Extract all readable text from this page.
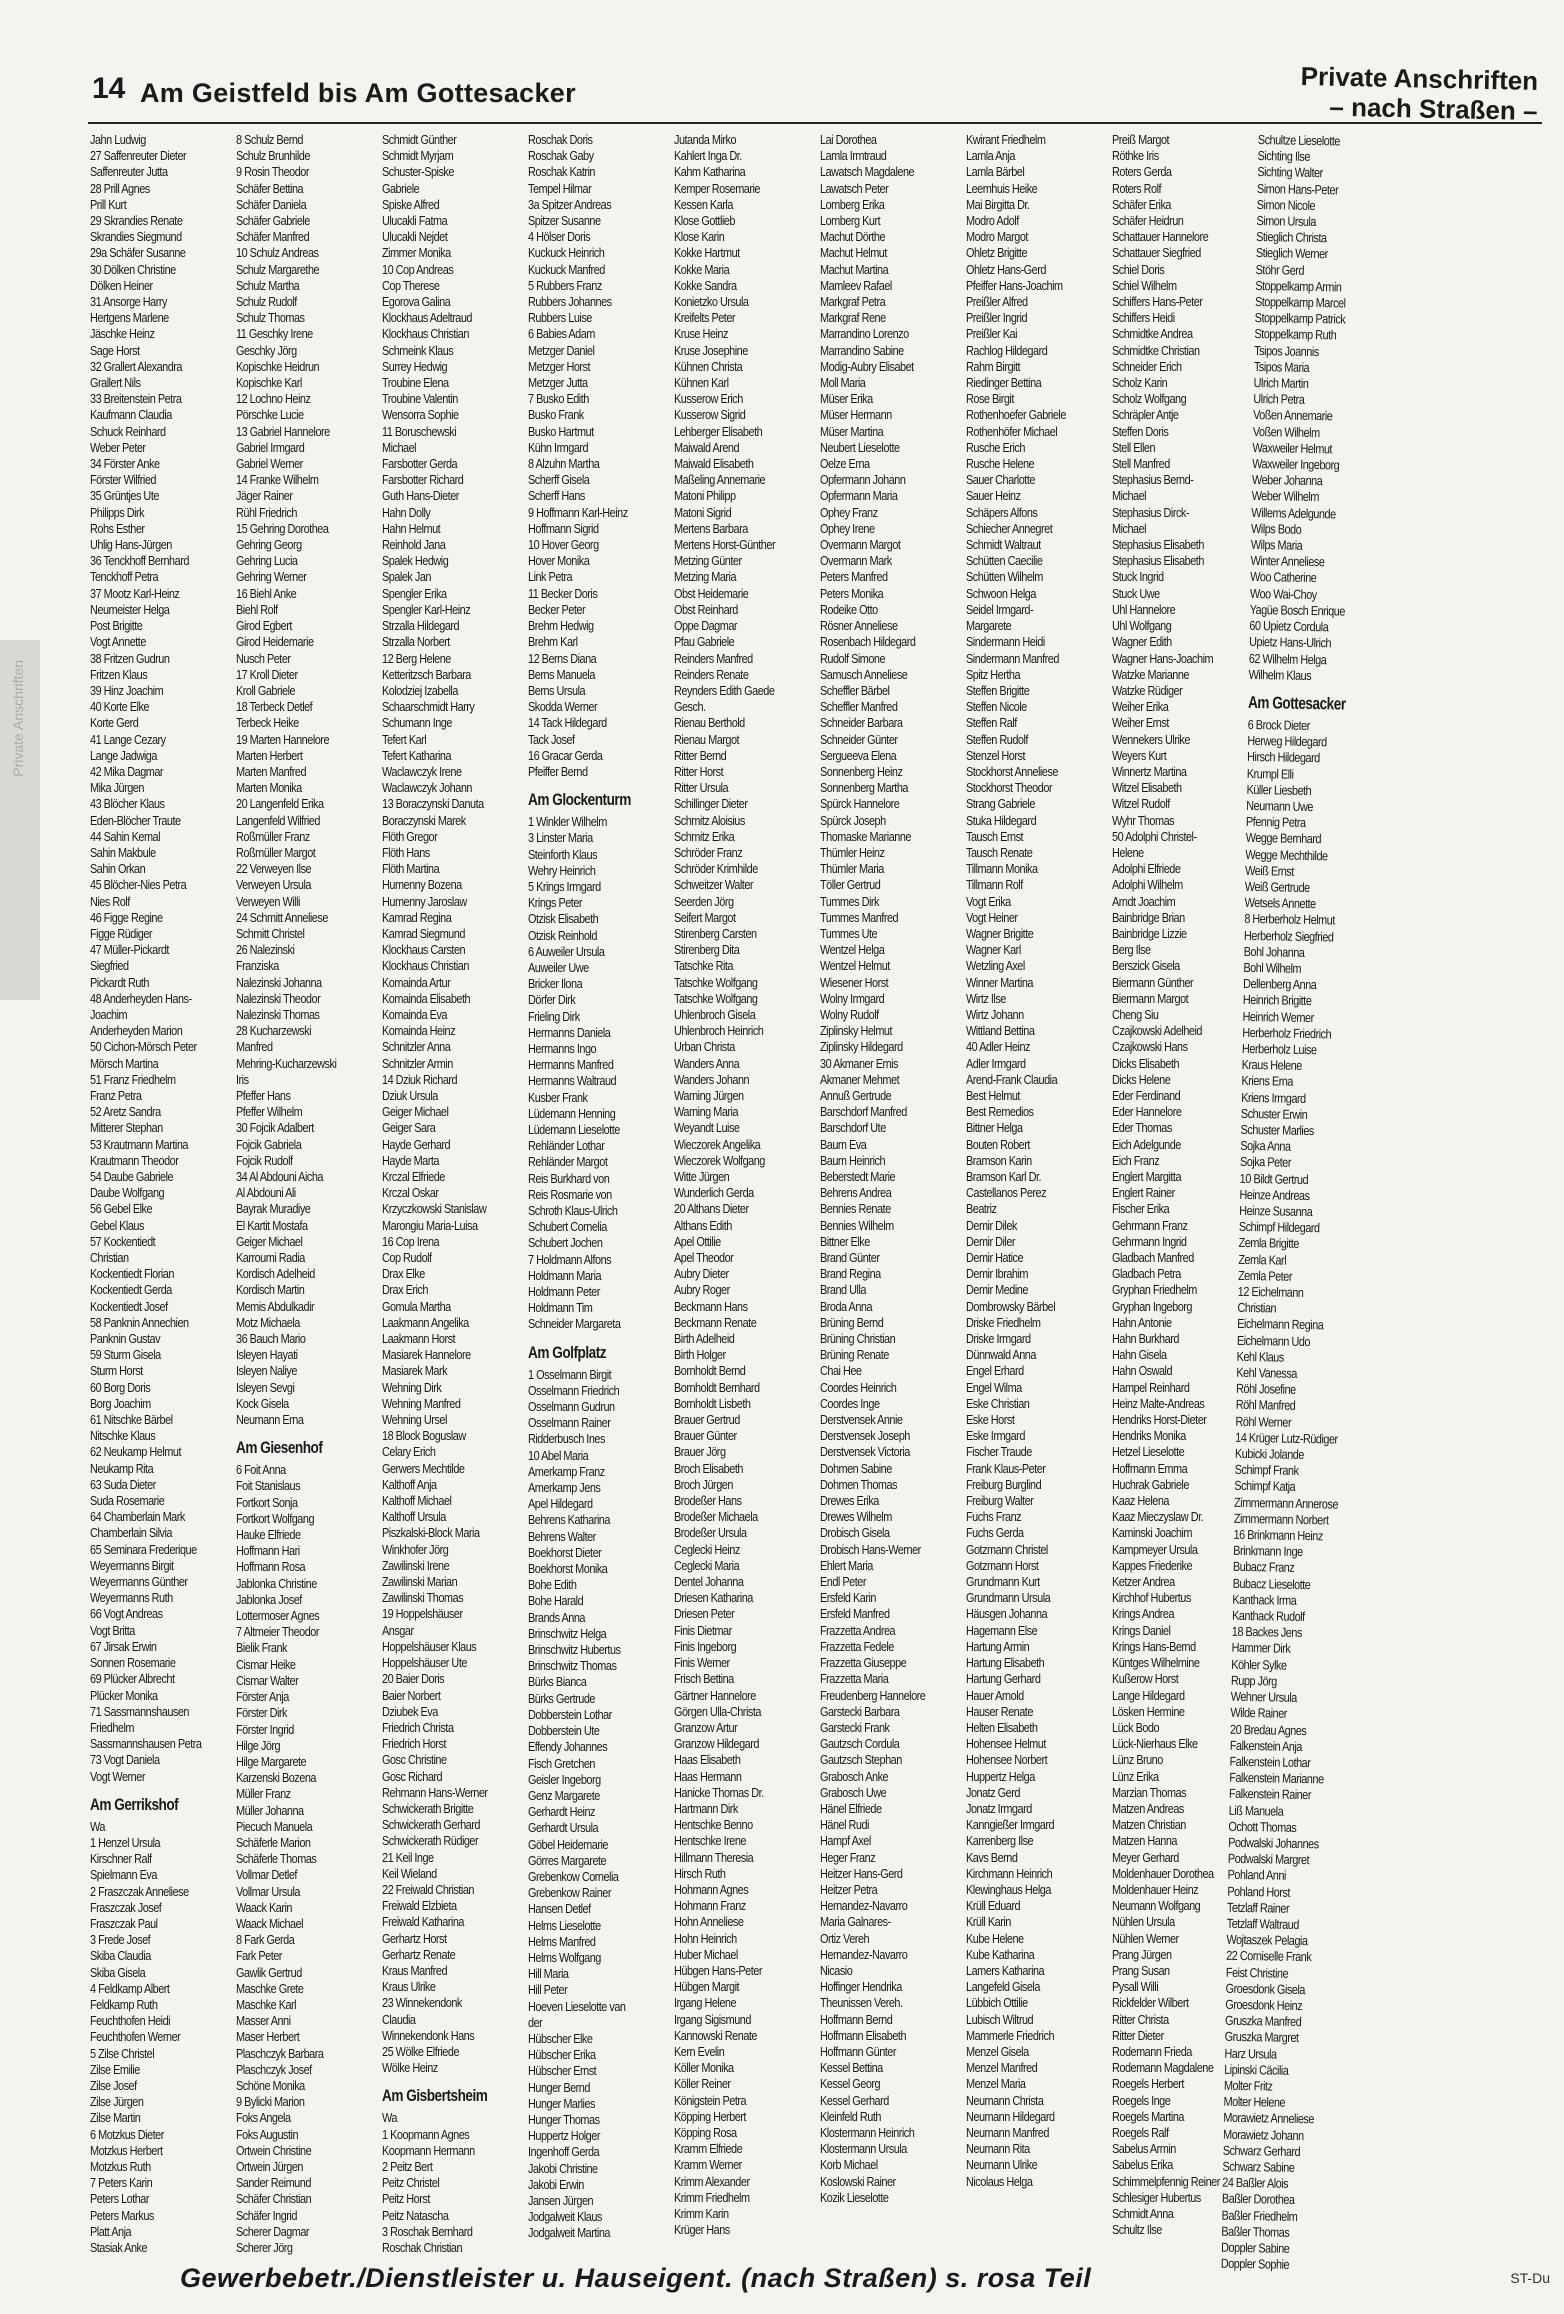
Private Anschriften
14 Am Geistfeld bis Am Gottesacker	Private Anschriften
– nach Straßen –
Jahn Ludwig
27 Saffenreuter Dieter
Saffenreuter Jutta
28 Prill Agnes
Prill Kurt
29 Skrandies Renate
Skrandies Siegmund
29a Schäfer Susanne
30 Dölken Christine
Dölken Heiner
31 Ansorge Harry
Hertgens Marlene
Jäschke Heinz
Sage Horst
32 Grallert Alexandra
Grallert Nils
33 Breitenstein Petra
Kaufmann Claudia
Schuck Reinhard
Weber Peter
34 Förster Anke
Förster Wilfried
35 Grüntjes Ute
Philipps Dirk
Rohs Esther
Uhlig Hans-Jürgen
36 Tenckhoff Bernhard
Tenckhoff Petra
37 Mootz Karl-Heinz
Neumeister Helga
Post Brigitte
Vogt Annette
38 Fritzen Gudrun
Fritzen Klaus
39 Hinz Joachim
40 Korte Elke
Korte Gerd
41 Lange Cezary
Lange Jadwiga
42 Mika Dagmar
Mika Jürgen
43 Blöcher Klaus
Eden-Blöcher Traute
44 Sahin Kemal
Sahin Makbule
Sahin Orkan
45 Blöcher-Nies Petra
Nies Rolf
46 Figge Regine
Figge Rüdiger
47 Müller-Pickardt
Siegfried
Pickardt Ruth
48 Anderheyden Hans-
Joachim
Anderheyden Marion
50 Cichon-Mörsch Peter
Mörsch Martina
51 Franz Friedhelm
Franz Petra
52 Aretz Sandra
Mitterer Stephan
53 Krautmann Martina
Krautmann Theodor
54 Daube Gabriele
Daube Wolfgang
56 Gebel Elke
Gebel Klaus
57 Kockentiedt
Christian
Kockentiedt Florian
Kockentiedt Gerda
Kockentiedt Josef
58 Panknin Annechien
Panknin Gustav
59 Sturm Gisela
Sturm Horst
60 Borg Doris
Borg Joachim
61 Nitschke Bärbel
Nitschke Klaus
62 Neukamp Helmut
Neukamp Rita
63 Suda Dieter
Suda Rosemarie
64 Chamberlain Mark
Chamberlain Silvia
65 Seminara Frederique
Weyermanns Birgit
Weyermanns Günther
Weyermanns Ruth
66 Vogt Andreas
Vogt Britta
67 Jirsak Erwin
Sonnen Rosemarie
69 Plücker Albrecht
Plücker Monika
71 Sassmannshausen
Friedhelm
Sassmannshausen Petra
73 Vogt Daniela
Vogt Werner
Am Gerrikshof
Wa
1 Henzel Ursula
Kirschner Ralf
Spielmann Eva
2 Fraszczak Anneliese
Fraszczak Josef
Fraszczak Paul
3 Frede Josef
Skiba Claudia
Skiba Gisela
4 Feldkamp Albert
Feldkamp Ruth
Feuchthofen Heidi
Feuchthofen Werner
5 Zilse Christel
Zilse Emilie
Zilse Josef
Zilse Jürgen
Zilse Martin
6 Motzkus Dieter
Motzkus Herbert
Motzkus Ruth
7 Peters Karin
Peters Lothar
Peters Markus
Platt Anja
Stasiak Anke
8 Schulz Bernd
Schulz Brunhilde
9 Rosin Theodor
Schäfer Bettina
Schäfer Daniela
Schäfer Gabriele
Schäfer Manfred
10 Schulz Andreas
Schulz Margarethe
Schulz Martha
Schulz Rudolf
Schulz Thomas
11 Geschky Irene
Geschky Jörg
Kopischke Heidrun
Kopischke Karl
12 Lochno Heinz
Pörschke Lucie
13 Gabriel Hannelore
Gabriel Irmgard
Gabriel Werner
14 Franke Wilhelm
Jäger Rainer
Rühl Friedrich
15 Gehring Dorothea
Gehring Georg
Gehring Lucia
Gehring Werner
16 Biehl Anke
Biehl Rolf
Girod Egbert
Girod Heidemarie
Nusch Peter
17 Kroll Dieter
Kroll Gabriele
18 Terbeck Detlef
Terbeck Heike
19 Marten Hannelore
Marten Herbert
Marten Manfred
Marten Monika
20 Langenfeld Erika
Langenfeld Wilfried
Roßmüller Franz
Roßmüller Margot
22 Verweyen Ilse
Verweyen Ursula
Verweyen Willi
24 Schmitt Anneliese
Schmitt Christel
26 Nalezinski
Franziska
Nalezinski Johanna
Nalezinski Theodor
Nalezinski Thomas
28 Kucharzewski
Manfred
Mehring-Kucharzewski
Iris
Pfeffer Hans
Pfeffer Wilhelm
30 Fojcik Adalbert
Fojcik Gabriela
Fojcik Rudolf
34 Al Abdouni Aicha
Al Abdouni Ali
Bayrak Muradiye
El Kartit Mostafa
Geiger Michael
Karroumi Radia
Kordisch Adelheid
Kordisch Martin
Memis Abdulkadir
Motz Michaela
36 Bauch Mario
Isleyen Hayati
Isleyen Naliye
Isleyen Sevgi
Kock Gisela
Neumann Erna
Am Giesenhof
6 Foit Anna
Foit Stanislaus
Fortkort Sonja
Fortkort Wolfgang
Hauke Elfriede
Hoffmann Hari
Hoffmann Rosa
Jablonka Christine
Jablonka Josef
Lottermoser Agnes
7 Altmeier Theodor
Bielik Frank
Cismar Heike
Cismar Walter
Förster Anja
Förster Dirk
Förster Ingrid
Hilge Jörg
Hilge Margarete
Karzenski Bozena
Müller Franz
Müller Johanna
Piecuch Manuela
Schäferle Marion
Schäferle Thomas
Vollmar Detlef
Vollmar Ursula
Waack Karin
Waack Michael
8 Fark Gerda
Fark Peter
Gawlik Gertrud
Maschke Grete
Maschke Karl
Masser Anni
Maser Herbert
Plaschczyk Barbara
Plaschczyk Josef
Schöne Monika
9 Bylicki Marion
Foks Angela
Foks Augustin
Ortwein Christine
Ortwein Jürgen
Sander Reimund
Schäfer Christian
Schäfer Ingrid
Scherer Dagmar
Scherer Jörg
Schmidt Günther
Schmidt Myrjam
Schuster-Spiske
Gabriele
Spiske Alfred
Ulucakli Fatma
Ulucakli Nejdet
Zimmer Monika
10 Cop Andreas
Cop Therese
Egorova Galina
Klockhaus Adeltraud
Klockhaus Christian
Schmeink Klaus
Surrey Hedwig
Troubine Elena
Troubine Valentin
Wensorra Sophie
11 Boruschewski
Michael
Farsbotter Gerda
Farsbotter Richard
Guth Hans-Dieter
Hahn Dolly
Hahn Helmut
Reinhold Jana
Spalek Hedwig
Spalek Jan
Spengler Erika
Spengler Karl-Heinz
Strzalla Hildegard
Strzalla Norbert
12 Berg Helene
Ketteritzsch Barbara
Kolodziej Izabella
Schaarschmidt Harry
Schumann Inge
Tefert Karl
Tefert Katharina
Waclawczyk Irene
Waclawczyk Johann
13 Boraczynski Danuta
Boraczynski Marek
Flöth Gregor
Flöth Hans
Flöth Martina
Humenny Bozena
Humenny Jaroslaw
Kamrad Regina
Kamrad Siegmund
Klockhaus Carsten
Klockhaus Christian
Komainda Artur
Komainda Elisabeth
Komainda Eva
Komainda Heinz
Schnitzler Anna
Schnitzler Armin
14 Dziuk Richard
Dziuk Ursula
Geiger Michael
Geiger Sara
Hayde Gerhard
Hayde Marta
Krczal Elfriede
Krczal Oskar
Krzyczkowski Stanislaw
Marongiu Maria-Luisa
16 Cop Irena
Cop Rudolf
Drax Elke
Drax Erich
Gomula Martha
Laakmann Angelika
Laakmann Horst
Masiarek Hannelore
Masiarek Mark
Wehning Dirk
Wehning Manfred
Wehning Ursel
18 Block Boguslaw
Celary Erich
Gerwers Mechtilde
Kalthoff Anja
Kalthoff Michael
Kalthoff Ursula
Piszkalski-Block Maria
Winkhofer Jörg
Zawilinski Irene
Zawilinski Marian
Zawilinski Thomas
19 Hoppelshäuser
Ansgar
Hoppelshäuser Klaus
Hoppelshäuser Ute
20 Baier Doris
Baier Norbert
Dziubek Eva
Friedrich Christa
Friedrich Horst
Gosc Christine
Gosc Richard
Rehmann Hans-Werner
Schwickerath Brigitte
Schwickerath Gerhard
Schwickerath Rüdiger
21 Keil Inge
Keil Wieland
22 Freiwald Christian
Freiwald Elzbieta
Freiwald Katharina
Gerhartz Horst
Gerhartz Renate
Kraus Manfred
Kraus Ulrike
23 Winnekendonk
Claudia
Winnekendonk Hans
25 Wölke Elfriede
Wölke Heinz
Am Gisbertsheim
Wa
1 Koopmann Agnes
Koopmann Hermann
2 Peitz Bert
Peitz Christel
Peitz Horst
Peitz Natascha
3 Roschak Bernhard
Roschak Christian
Roschak Doris
Roschak Gaby
Roschak Katrin
Tempel Hilmar
3a Spitzer Andreas
Spitzer Susanne
4 Hölser Doris
Kuckuck Heinrich
Kuckuck Manfred
5 Rubbers Franz
Rubbers Johannes
Rubbers Luise
6 Babies Adam
Metzger Daniel
Metzger Horst
Metzger Jutta
7 Busko Edith
Busko Frank
Busko Hartmut
Kühn Irmgard
8 Alzuhn Martha
Scherff Gisela
Scherff Hans
9 Hoffmann Karl-Heinz
Hoffmann Sigrid
10 Hover Georg
Hover Monika
Link Petra
11 Becker Doris
Becker Peter
Brehm Hedwig
Brehm Karl
12 Berns Diana
Berns Manuela
Berns Ursula
Skodda Werner
14 Tack Hildegard
Tack Josef
16 Gracar Gerda
Pfeiffer Bernd
Am Glockenturm
1 Winkler Wilhelm
3 Linster Maria
Steinforth Klaus
Wehry Heinrich
5 Krings Irmgard
Krings Peter
Otzisk Elisabeth
Otzisk Reinhold
6 Auweiler Ursula
Auweiler Uwe
Bricker Ilona
Dörfer Dirk
Frieling Dirk
Hermanns Daniela
Hermanns Ingo
Hermanns Manfred
Hermanns Waltraud
Kusber Frank
Lüdemann Henning
Lüdemann Lieselotte
Rehländer Lothar
Rehländer Margot
Reis Burkhard von
Reis Rosmarie von
Schroth Klaus-Ulrich
Schubert Cornelia
Schubert Jochen
7 Holdmann Alfons
Holdmann Maria
Holdmann Peter
Holdmann Tim
Schneider Margareta
Am Golfplatz
1 Osselmann Birgit
Osselmann Friedrich
Osselmann Gudrun
Osselmann Rainer
Ridderbusch Ines
10 Abel Maria
Amerkamp Franz
Amerkamp Jens
Apel Hildegard
Behrens Katharina
Behrens Walter
Boekhorst Dieter
Boekhorst Monika
Bohe Edith
Bohe Harald
Brands Anna
Brinschwitz Helga
Brinschwitz Hubertus
Brinschwitz Thomas
Bürks Bianca
Bürks Gertrude
Dobberstein Lothar
Dobberstein Ute
Effendy Johannes
Fisch Gretchen
Geisler Ingeborg
Genz Margarete
Gerhardt Heinz
Gerhardt Ursula
Göbel Heidemarie
Görres Margarete
Grebenkow Cornelia
Grebenkow Rainer
Hansen Detlef
Helms Lieselotte
Helms Manfred
Helms Wolfgang
Hill Maria
Hill Peter
Hoeven Lieselotte van
der
Hübscher Elke
Hübscher Erika
Hübscher Ernst
Hunger Bernd
Hunger Marlies
Hunger Thomas
Huppertz Holger
Ingenhoff Gerda
Jakobi Christine
Jakobi Erwin
Jansen Jürgen
Jodgalweit Klaus
Jodgalweit Martina
Jutanda Mirko
Kahlert Inga Dr.
Kahm Katharina
Kemper Rosemarie
Kessen Karla
Klose Gottlieb
Klose Karin
Kokke Hartmut
Kokke Maria
Kokke Sandra
Konietzko Ursula
Kreifelts Peter
Kruse Heinz
Kruse Josephine
Kühnen Christa
Kühnen Karl
Kusserow Erich
Kusserow Sigrid
Lehberger Elisabeth
Maiwald Arend
Maiwald Elisabeth
Maßeling Annemarie
Matoni Philipp
Matoni Sigrid
Mertens Barbara
Mertens Horst-Günther
Metzing Günter
Metzing Maria
Obst Heidemarie
Obst Reinhard
Oppe Dagmar
Pfau Gabriele
Reinders Manfred
Reinders Renate
Reynders Edith Gaede
Gesch.
Rienau Berthold
Rienau Margot
Ritter Bernd
Ritter Horst
Ritter Ursula
Schillinger Dieter
Schmitz Aloisius
Schmitz Erika
Schröder Franz
Schröder Krimhilde
Schweitzer Walter
Seerden Jörg
Seifert Margot
Stirenberg Carsten
Stirenberg Dita
Tatschke Rita
Tatschke Wolfgang
Tatschke Wolfgang
Uhlenbroch Gisela
Uhlenbroch Heinrich
Urban Christa
Wanders Anna
Wanders Johann
Warning Jürgen
Warning Maria
Weyandt Luise
Wieczorek Angelika
Wieczorek Wolfgang
Witte Jürgen
Wunderlich Gerda
20 Althans Dieter
Althans Edith
Apel Ottilie
Apel Theodor
Aubry Dieter
Aubry Roger
Beckmann Hans
Beckmann Renate
Birth Adelheid
Birth Holger
Bornholdt Bernd
Bornholdt Bernhard
Bornholdt Lisbeth
Brauer Gertrud
Brauer Günter
Brauer Jörg
Broch Elisabeth
Broch Jürgen
Brodeßer Hans
Brodeßer Michaela
Brodeßer Ursula
Ceglecki Heinz
Ceglecki Maria
Dentel Johanna
Driesen Katharina
Driesen Peter
Finis Dietmar
Finis Ingeborg
Finis Werner
Frisch Bettina
Gärtner Hannelore
Görgen Ulla-Christa
Granzow Artur
Granzow Hildegard
Haas Elisabeth
Haas Hermann
Hanicke Thomas Dr.
Hartmann Dirk
Hentschke Benno
Hentschke Irene
Hillmann Theresia
Hirsch Ruth
Hohmann Agnes
Hohmann Franz
Hohn Anneliese
Hohn Heinrich
Huber Michael
Hübgen Hans-Peter
Hübgen Margit
Irgang Helene
Irgang Sigismund
Kannowski Renate
Kern Evelin
Köller Monika
Köller Reiner
Königstein Petra
Köpping Herbert
Köpping Rosa
Kramm Elfriede
Kramm Werner
Krimm Alexander
Krimm Friedhelm
Krimm Karin
Krüger Hans
Lai Dorothea
Lamla Irmtraud
Lawatsch Magdalene
Lawatsch Peter
Lomberg Erika
Lomberg Kurt
Machut Dörthe
Machut Helmut
Machut Martina
Mamleev Rafael
Markgraf Petra
Markgraf Rene
Marrandino Lorenzo
Marrandino Sabine
Modig-Aubry Elisabet
Moll Maria
Müser Erika
Müser Hermann
Müser Martina
Neubert Lieselotte
Oelze Erna
Opfermann Johann
Opfermann Maria
Ophey Franz
Ophey Irene
Overmann Margot
Overmann Mark
Peters Manfred
Peters Monika
Rodeike Otto
Rösner Anneliese
Rosenbach Hildegard
Rudolf Simone
Samusch Anneliese
Scheffler Bärbel
Scheffler Manfred
Schneider Barbara
Schneider Günter
Sergueeva Elena
Sonnenberg Heinz
Sonnenberg Martha
Spürck Hannelore
Spürck Joseph
Thomaske Marianne
Thümler Heinz
Thümler Maria
Töller Gertrud
Tummes Dirk
Tummes Manfred
Tummes Ute
Wentzel Helga
Wentzel Helmut
Wiesener Horst
Wolny Irmgard
Wolny Rudolf
Ziplinsky Helmut
Ziplinsky Hildegard
30 Akmaner Emis
Akmaner Mehmet
Annuß Gertrude
Barschdorf Manfred
Barschdorf Ute
Baum Eva
Baum Heinrich
Beberstedt Marie
Behrens Andrea
Bennies Renate
Bennies Wilhelm
Bittner Elke
Brand Günter
Brand Regina
Brand Ulla
Broda Anna
Brüning Bernd
Brüning Christian
Brüning Renate
Chai Hee
Coordes Heinrich
Coordes Inge
Derstvensek Annie
Derstvensek Joseph
Derstvensek Victoria
Dohmen Sabine
Dohmen Thomas
Drewes Erika
Drewes Wilhelm
Drobisch Gisela
Drobisch Hans-Werner
Ehlert Maria
Endl Peter
Ersfeld Karin
Ersfeld Manfred
Frazzetta Andrea
Frazzetta Fedele
Frazzetta Giuseppe
Frazzetta Maria
Freudenberg Hannelore
Garstecki Barbara
Garstecki Frank
Gautzsch Cordula
Gautzsch Stephan
Grabosch Anke
Grabosch Uwe
Hänel Elfriede
Hänel Rudi
Hampf Axel
Heger Franz
Heitzer Hans-Gerd
Heitzer Petra
Hernandez-Navarro
Maria Galnares-
Ortiz Vereh
Hernandez-Navarro
Nicasio
Hoffinger Hendrika
Theunissen Vereh.
Hoffmann Bernd
Hoffmann Elisabeth
Hoffmann Günter
Kessel Bettina
Kessel Georg
Kessel Gerhard
Kleinfeld Ruth
Klostermann Heinrich
Klostermann Ursula
Korb Michael
Koslowski Rainer
Kozik Lieselotte
Kwirant Friedhelm
Lamla Anja
Lamla Bärbel
Leemhuis Heike
Mai Birgitta Dr.
Modro Adolf
Modro Margot
Ohletz Brigitte
Ohletz Hans-Gerd
Pfeiffer Hans-Joachim
Preißler Alfred
Preißler Ingrid
Preißler Kai
Rachlog Hildegard
Rahm Birgitt
Riedinger Bettina
Rose Birgit
Rothenhoefer Gabriele
Rothenhöfer Michael
Rusche Erich
Rusche Helene
Sauer Charlotte
Sauer Heinz
Schäpers Alfons
Schiecher Annegret
Schmidt Waltraut
Schütten Caecilie
Schütten Wilhelm
Schwoon Helga
Seidel Irmgard-
Margarete
Sindermann Heidi
Sindermann Manfred
Spitz Hertha
Steffen Brigitte
Steffen Nicole
Steffen Ralf
Steffen Rudolf
Stenzel Horst
Stockhorst Anneliese
Stockhorst Theodor
Strang Gabriele
Stuka Hildegard
Tausch Ernst
Tausch Renate
Tillmann Monika
Tillmann Rolf
Vogt Erika
Vogt Heiner
Wagner Brigitte
Wagner Karl
Wetzling Axel
Winner Martina
Wirtz Ilse
Wirtz Johann
Wittland Bettina
40 Adler Heinz
Adler Irmgard
Arend-Frank Claudia
Best Helmut
Best Remedios
Bittner Helga
Bouten Robert
Bramson Karin
Bramson Karl Dr.
Castellanos Perez
Beatriz
Demir Dilek
Demir Diler
Demir Hatice
Demir Ibrahim
Demir Medine
Dombrowsky Bärbel
Driske Friedhelm
Driske Irmgard
Dünnwald Anna
Engel Erhard
Engel Wilma
Eske Christian
Eske Horst
Eske Irmgard
Fischer Traude
Frank Klaus-Peter
Freiburg Burglind
Freiburg Walter
Fuchs Franz
Fuchs Gerda
Gotzmann Christel
Gotzmann Horst
Grundmann Kurt
Grundmann Ursula
Häusgen Johanna
Hagemann Else
Hartung Armin
Hartung Elisabeth
Hartung Gerhard
Hauer Arnold
Hauser Renate
Helten Elisabeth
Hohensee Helmut
Hohensee Norbert
Huppertz Helga
Jonatz Gerd
Jonatz Irmgard
Kanngießer Irmgard
Karrenberg Ilse
Kavs Bernd
Kirchmann Heinrich
Klewinghaus Helga
Krüll Eduard
Krüll Karin
Kube Helene
Kube Katharina
Lamers Katharina
Langefeld Gisela
Lübbich Ottilie
Lubisch Wiltrud
Mammerle Friedrich
Menzel Gisela
Menzel Manfred
Menzel Maria
Neumann Christa
Neumann Hildegard
Neumann Manfred
Neumann Rita
Neumann Ulrike
Nicolaus Helga
Preiß Margot
Röthke Iris
Roters Gerda
Roters Rolf
Schäfer Erika
Schäfer Heidrun
Schattauer Hannelore
Schattauer Siegfried
Schiel Doris
Schiel Wilhelm
Schiffers Hans-Peter
Schiffers Heidi
Schmidtke Andrea
Schmidtke Christian
Schneider Erich
Scholz Karin
Scholz Wolfgang
Schräpler Antje
Steffen Doris
Stell Ellen
Stell Manfred
Stephasius Bernd-
Michael
Stephasius Dirck-
Michael
Stephasius Elisabeth
Stephasius Elisabeth
Stuck Ingrid
Stuck Uwe
Uhl Hannelore
Uhl Wolfgang
Wagner Edith
Wagner Hans-Joachim
Watzke Marianne
Watzke Rüdiger
Weiher Erika
Weiher Ernst
Wennekers Ulrike
Weyers Kurt
Winnertz Martina
Witzel Elisabeth
Witzel Rudolf
Wyhr Thomas
50 Adolphi Christel-
Helene
Adolphi Elfriede
Adolphi Wilhelm
Arndt Joachim
Bainbridge Brian
Bainbridge Lizzie
Berg Ilse
Berszick Gisela
Biermann Günther
Biermann Margot
Cheng Siu
Czajkowski Adelheid
Czajkowski Hans
Dicks Elisabeth
Dicks Helene
Eder Ferdinand
Eder Hannelore
Eder Thomas
Eich Adelgunde
Eich Franz
Englert Margitta
Englert Rainer
Fischer Erika
Gehrmann Franz
Gehrmann Ingrid
Gladbach Manfred
Gladbach Petra
Gryphan Friedhelm
Gryphan Ingeborg
Hahn Antonie
Hahn Burkhard
Hahn Gisela
Hahn Oswald
Hampel Reinhard
Heinz Malte-Andreas
Hendriks Horst-Dieter
Hendriks Monika
Hetzel Lieselotte
Hoffmann Emma
Huchrak Gabriele
Kaaz Helena
Kaaz Mieczyslaw Dr.
Kaminski Joachim
Kampmeyer Ursula
Kappes Friederike
Ketzer Andrea
Kirchhof Hubertus
Krings Andrea
Krings Daniel
Krings Hans-Bernd
Küntges Wilhelmine
Kußerow Horst
Lange Hildegard
Lösken Hermine
Lück Bodo
Lück-Nierhaus Elke
Lünz Bruno
Lünz Erika
Marzian Thomas
Matzen Andreas
Matzen Christian
Matzen Hanna
Meyer Gerhard
Moldenhauer Dorothea
Moldenhauer Heinz
Neumann Wolfgang
Nühlen Ursula
Nühlen Werner
Prang Jürgen
Prang Susan
Pysall Willi
Rickfelder Wilbert
Ritter Christa
Ritter Dieter
Rodemann Frieda
Rodemann Magdalene
Roegels Herbert
Roegels Inge
Roegels Martina
Roegels Ralf
Sabelus Armin
Sabelus Erika
Schimmelpfennig Reiner
Schlesiger Hubertus
Schmidt Anna
Schultz Ilse
Schultze Lieselotte
Sichting Ilse
Sichting Walter
Simon Hans-Peter
Simon Nicole
Simon Ursula
Stieglich Christa
Stieglich Werner
Stöhr Gerd
Stoppelkamp Armin
Stoppelkamp Marcel
Stoppelkamp Patrick
Stoppelkamp Ruth
Tsipos Joannis
Tsipos Maria
Ulrich Martin
Ulrich Petra
Voßen Annemarie
Voßen Wilhelm
Waxweiler Helmut
Waxweiler Ingeborg
Weber Johanna
Weber Wilhelm
Willems Adelgunde
Wilps Bodo
Wilps Maria
Winter Anneliese
Woo Catherine
Woo Wai-Choy
Yagüe Bosch Enrique
60 Upietz Cordula
Upietz Hans-Ulrich
62 Wilhelm Helga
Wilhelm Klaus
Am Gottesacker
6 Brock Dieter
Herweg Hildegard
Hirsch Hildegard
Krumpl Elli
Küller Liesbeth
Neumann Uwe
Pfennig Petra
Wegge Bernhard
Wegge Mechthilde
Weiß Ernst
Weiß Gertrude
Wetsels Annette
8 Herberholz Helmut
Herberholz Siegfried
Bohl Johanna
Bohl Wilhelm
Dellenberg Anna
Heinrich Brigitte
Heinrich Werner
Herberholz Friedrich
Herberholz Luise
Kraus Helene
Kriens Erna
Kriens Irmgard
Schuster Erwin
Schuster Marlies
Sojka Anna
Sojka Peter
10 Bildt Gertrud
Heinze Andreas
Heinze Susanna
Schimpf Hildegard
Zemla Brigitte
Zemla Karl
Zemla Peter
12 Eichelmann
Christian
Eichelmann Regina
Eichelmann Udo
Kehl Klaus
Kehl Vanessa
Röhl Josefine
Röhl Manfred
Röhl Werner
14 Krüger Lutz-Rüdiger
Kubicki Jolande
Schimpf Frank
Schimpf Katja
Zimmermann Annerose
Zimmermann Norbert
16 Brinkmann Heinz
Brinkmann Inge
Bubacz Franz
Bubacz Lieselotte
Kanthack Irma
Kanthack Rudolf
18 Backes Jens
Hammer Dirk
Köhler Sylke
Rupp Jörg
Wehner Ursula
Wilde Rainer
20 Bredau Agnes
Falkenstein Anja
Falkenstein Lothar
Falkenstein Marianne
Falkenstein Rainer
Liß Manuela
Ochott Thomas
Podwalski Johannes
Podwalski Margret
Pohland Anni
Pohland Horst
Tetzlaff Rainer
Tetzlaff Waltraud
Wojtaszek Pelagia
22 Corniselle Frank
Feist Christine
Groesdonk Gisela
Groesdonk Heinz
Gruszka Manfred
Gruszka Margret
Harz Ursula
Lipinski Cäcilia
Molter Fritz
Molter Helene
Morawietz Anneliese
Morawietz Johann
Schwarz Gerhard
Schwarz Sabine
24 Baßler Alois
Baßler Dorothea
Baßler Friedhelm
Baßler Thomas
Doppler Sabine
Doppler Sophie
Gewerbebetr./Dienstleister u. Hauseigent. (nach Straßen) s. rosa Teil	ST-Du
